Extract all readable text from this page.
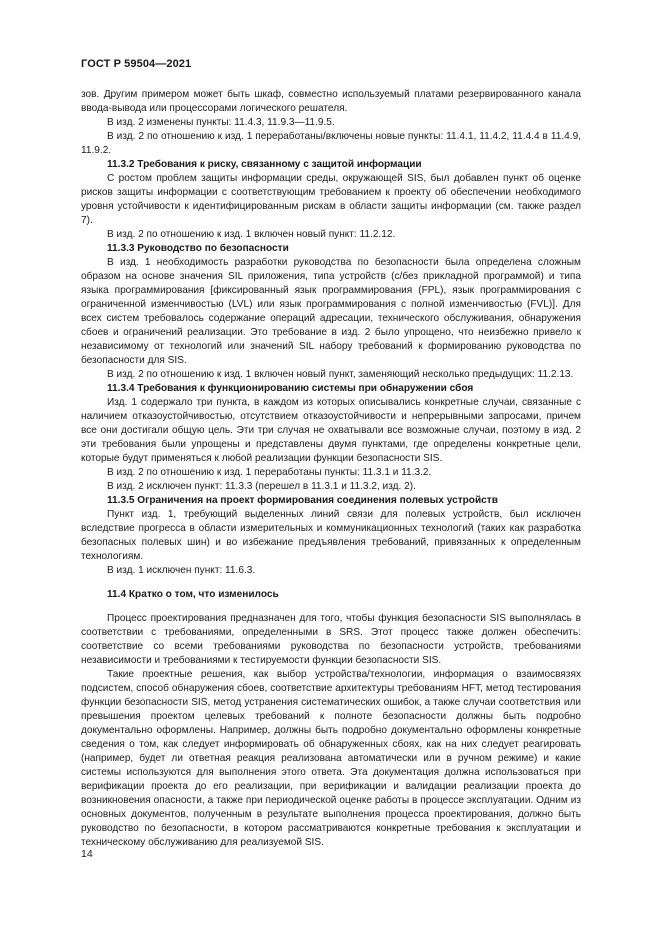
ГОСТ Р 59504—2021

зов. Другим примером может быть шкаф, совместно используемый платами резервированного канала ввода-вывода или процессорами логического решателя.

В изд. 2 изменены пункты: 11.4.3, 11.9.3—11.9.5.

В изд. 2 по отношению к изд. 1 переработаны/включены новые пункты: 11.4.1, 11.4.2, 11.4.4 в 11.4.9, 11.9.2.

11.3.2 Требования к риску, связанному с защитой информации

С ростом проблем защиты информации среды, окружающей SIS, был добавлен пункт об оценке рисков защиты информации с соответствующим требованием к проекту об обеспечении необходимого уровня устойчивости к идентифицированным рискам в области защиты информации (см. также раздел 7).

В изд. 2 по отношению к изд. 1 включен новый пункт: 11.2.12.

11.3.3 Руководство по безопасности

В изд. 1 необходимость разработки руководства по безопасности была определена сложным образом на основе значения SIL приложения, типа устройств (с/без прикладной программой) и типа языка программирования [фиксированный язык программирования (FPL), язык программирования с ограниченной изменчивостью (LVL) или язык программирования с полной изменчивостью (FVL)]. Для всех систем требовалось содержание операций адресации, технического обслуживания, обнаружения сбоев и ограничений реализации. Это требование в изд. 2 было упрощено, что неизбежно привело к независимому от технологий или значений SIL набору требований к формированию руководства по безопасности для SIS.

В изд. 2 по отношению к изд. 1 включен новый пункт, заменяющий несколько предыдущих: 11.2.13.

11.3.4 Требования к функционированию системы при обнаружении сбоя

Изд. 1 содержало три пункта, в каждом из которых описывались конкретные случаи, связанные с наличием отказоустойчивостью, отсутствием отказоустойчивости и непрерывными запросами, причем все они достигали общую цель. Эти три случая не охватывали все возможные случаи, поэтому в изд. 2 эти требования были упрощены и представлены двумя пунктами, где определены конкретные цели, которые будут применяться к любой реализации функции безопасности SIS.

В изд. 2 по отношению к изд. 1 переработаны пункты: 11.3.1 и 11.3.2.

В изд. 2 исключен пункт: 11.3.3 (перешел в 11.3.1 и 11.3.2, изд. 2).

11.3.5 Ограничения на проект формирования соединения полевых устройств

Пункт изд. 1, требующий выделенных линий связи для полевых устройств, был исключен вследствие прогресса в области измерительных и коммуникационных технологий (таких как разработка безопасных полевых шин) и во избежание предъявления требований, привязанных к определенным технологиям.

В изд. 1 исключен пункт: 11.6.3.

11.4 Кратко о том, что изменилось

Процесс проектирования предназначен для того, чтобы функция безопасности SIS выполнялась в соответствии с требованиями, определенными в SRS. Этот процесс также должен обеспечить: соответствие со всеми требованиями руководства по безопасности устройств, требованиями независимости и требованиями к тестируемости функции безопасности SIS.

Такие проектные решения, как выбор устройства/технологии, информация о взаимосвязях подсистем, способ обнаружения сбоев, соответствие архитектуры требованиям HFT, метод тестирования функции безопасности SIS, метод устранения систематических ошибок, а также случаи соответствия или превышения проектом целевых требований к полноте безопасности должны быть подробно документально оформлены. Например, должны быть подробно документально оформлены конкретные сведения о том, как следует информировать об обнаруженных сбоях, как на них следует реагировать (например, будет ли ответная реакция реализована автоматически или в ручном режиме) и какие системы используются для выполнения этого ответа. Эта документация должна использоваться при верификации проекта до его реализации, при верификации и валидации реализации проекта до возникновения опасности, а также при периодической оценке работы в процессе эксплуатации. Одним из основных документов, полученным в результате выполнения процесса проектирования, должно быть руководство по безопасности, в котором рассматриваются конкретные требования к эксплуатации и техническому обслуживанию для реализуемой SIS.

14
